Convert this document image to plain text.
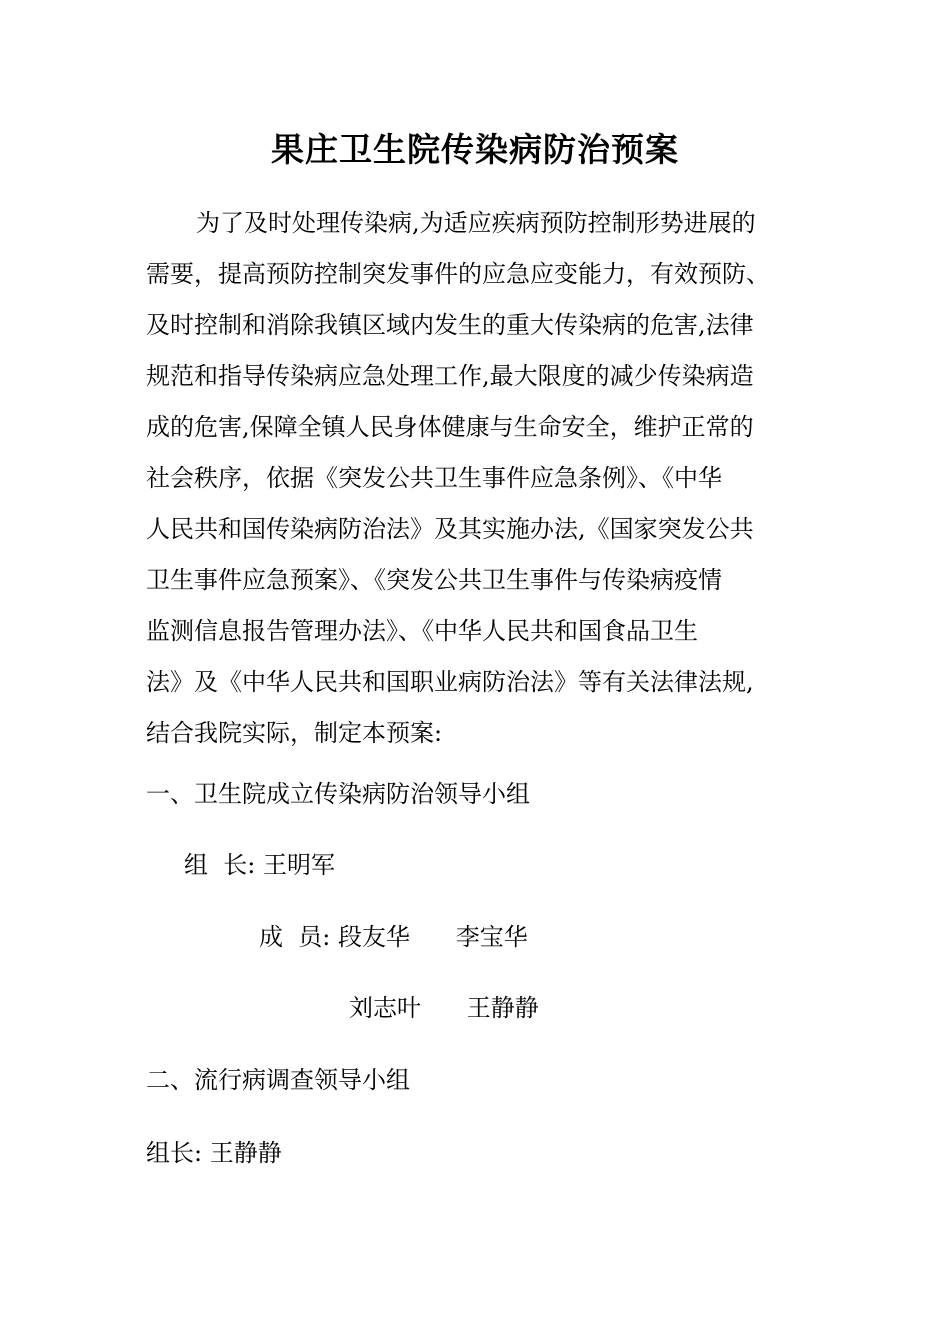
果庄卫生院传染病防治预案
为了及时处理传染病,为适应疾病预防控制形势进展的
需要，提高预防控制突发事件的应急应变能力，有效预防、
及时控制和消除我镇区域内发生的重大传染病的危害,法律
规范和指导传染病应急处理工作,最大限度的减少传染病造
成的危害,保障全镇人民身体健康与生命安全，维护正常的
社会秩序，依据《突发公共卫生事件应急条例》、《中华
人民共和国传染病防治法》及其实施办法,《国家突发公共
卫生事件应急预案》、《突发公共卫生事件与传染病疫情
监测信息报告管理办法》、《中华人民共和国食品卫生
法》及《中华人民共和国职业病防治法》等有关法律法规,
结合我院实际，制定本预案:
一、卫生院成立传染病防治领导小组
组  长: 王明军
成  员: 段友华      李宝华
刘志叶      王静静
二、流行病调查领导小组
组长: 王静静
